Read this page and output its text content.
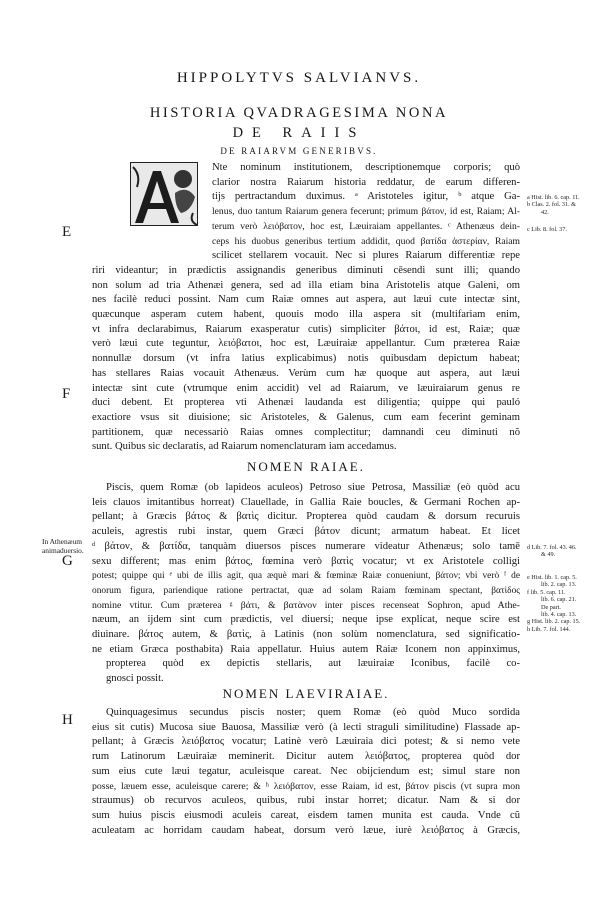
HIPPOLYTVS SALVIANVS.
HISTORIA QVADRAGESIMA NONA
DE RAIIS
DE RAIARVM GENERIBVS.
Nte nominum institutionem, descriptionemque corporis; quò
clarior nostra Raiarum historia reddatur, de earum differen-
tijs pertractandum duximus. ᵃ Aristoteles igitur, ᵇ atque Ga-
lenus, duo tantum Raiarum genera fecerunt; primum βάτον, id est, Raiam; Al-
terum verò λειόβατον, hoc est, Læuiraiam appellantes. ᶜ Athenæus dein-
ceps his duobus generibus tertium addidit, quod βατίδα ἀστερίαν, Raiam
scilicet stellarem vocauit. Nec si plures Raiarum differentiæ repe
riri videantur; in prædictis assignandis generibus diminuti cēsendi sunt illi; quando
non solum ad tria Athenæi genera, sed ad illa etiam bina Aristotelis atque Galeni, om
nes facilè reduci possint. Nam cum Raiæ omnes aut aspera, aut læui cute intectæ sint,
quæcunque asperam cutem habent, quouis modo illa aspera sit (multifariam enim,
vt infra declarabimus, Raiarum exasperatur cutis) simpliciter βάτοι, id est, Raiæ; quæ
verò læui cute teguntur, λειόβατοι, hoc est, Læuiraiæ appellantur. Cum præterea Raiæ
nonnullæ dorsum (vt infra latius explicabimus) notis quibusdam depictum habeat;
has stellares Raias vocauit Athenæus. Verùm cum hæ quoque aut aspera, aut læui
intectæ sint cute (vtrumque enim accidit) vel ad Raiarum, ve læuiraiarum genus re
duci debent. Et propterea vti Athenæi laudanda est diligentia; quippe qui pauló
exactiore vsus sit diuisione; sic Aristoteles, & Galenus, cum eam fecerint geminam
partitionem, quæ necessariò Raias omnes complectitur; damnandi ceu diminuti nõ
sunt. Quibus sic declaratis, ad Raiarum nomenclaturam iam accedamus.
NOMEN RAIAE.
Piscis, quem Romæ (ob lapideos aculeos) Petroso siue Petrosa, Massiliæ (eò quòd acu
leis clauos imitantibus horreat) Clauellade, in Gallia Raie boucles, & Germani Rochen ap-
pellant; à Græcis βάτος & βατὶς dicitur. Propterea quòd caudam & dorsum recuruis
aculeis, agrestis rubi instar, quem Græci βάτον dicunt; armatum habeat. Et licet
ᵈ βάτον, & βατίδα, tanquàm diuersos pisces numerare videatur Athenæus; solo tamē
sexu different; mas enim βάτος, fœmina verò βατὶς vocatur; vt ex Aristotele colligi
potest; quippe qui ᵉ ubi de illis agit, qua æquè mari & fœminæ Raiæ conueniunt, βάτον; vbi verò ᶠ de
onorum figura, pariendique ratione pertractat, quæ ad solam Raiam fœminam spectant, βατὶδος
nomine vtitur. Cum præterea ᵍ βάτι, & βατὰνον inter pisces recenseat Sophron, apud Athe-
næum, an ijdem sint cum prædictis, vel diuersi; neque ipse explicat, neque scire est
diuinare. βάτος autem, & βατὶς, à Latinis (non solùm nomenclatura, sed significatio-
ne etiam Græca posthabita) Raia appellatur. Huius autem Raiæ Iconem non appinximus,
propterea quòd ex depictis stellaris, aut læuiraiæ Iconibus, facilè co-
gnosci possit.
NOMEN LAEVIRAIAE.
Quinquagesimus secundus piscis noster; quem Romæ (eò quòd Muco sordida
eius sit cutis) Mucosa siue Bauosa, Massiliæ verò (à lecti straguli similitudine) Flassade ap-
pellant; à Græcis λειόβατος vocatur; Latinè verò Læuiraia dici potest; & si nemo vete
rum Latinorum Læuiraiæ meminerit. Dicitur autem λειόβατος, propterea quòd dor
sum eius cute læui tegatur, aculeisque careat. Nec obijciendum est; simul stare non
posse, læuem esse, aculeisque carere; & ʰ λειόβατον, esse Raiam, id est, βάτον piscis (vt supra mon
straumus) ob recurvos aculeos, quibus, rubi instar horret; dicatur. Nam & si dor
sum huius piscis eiusmodi aculeis careat, eisdem tamen munita est cauda. Vnde cũ
aculeatam ac horridam caudam habeat, dorsum verò læue, iurè λειόβατος à Græcis,
E
F
G
H
In Athenæum
animaduersio.
a Hist. lib. 6. cap. 11.
b Clas. 2. fol. 31. &
42.
c Lib. 8. fol. 37.
d Lib. 7. fol. 43. 46.
& 49.
e Hist. lib. 1. cap. 5.
lib. 2. cap. 13.
f lib. 5. cap. 11.
lib. 6. cap. 21.
De part.
lib. 4. cap. 13.
g Hist. lib. 2. cap. 15.
h Lib. 7. fol. 144.
